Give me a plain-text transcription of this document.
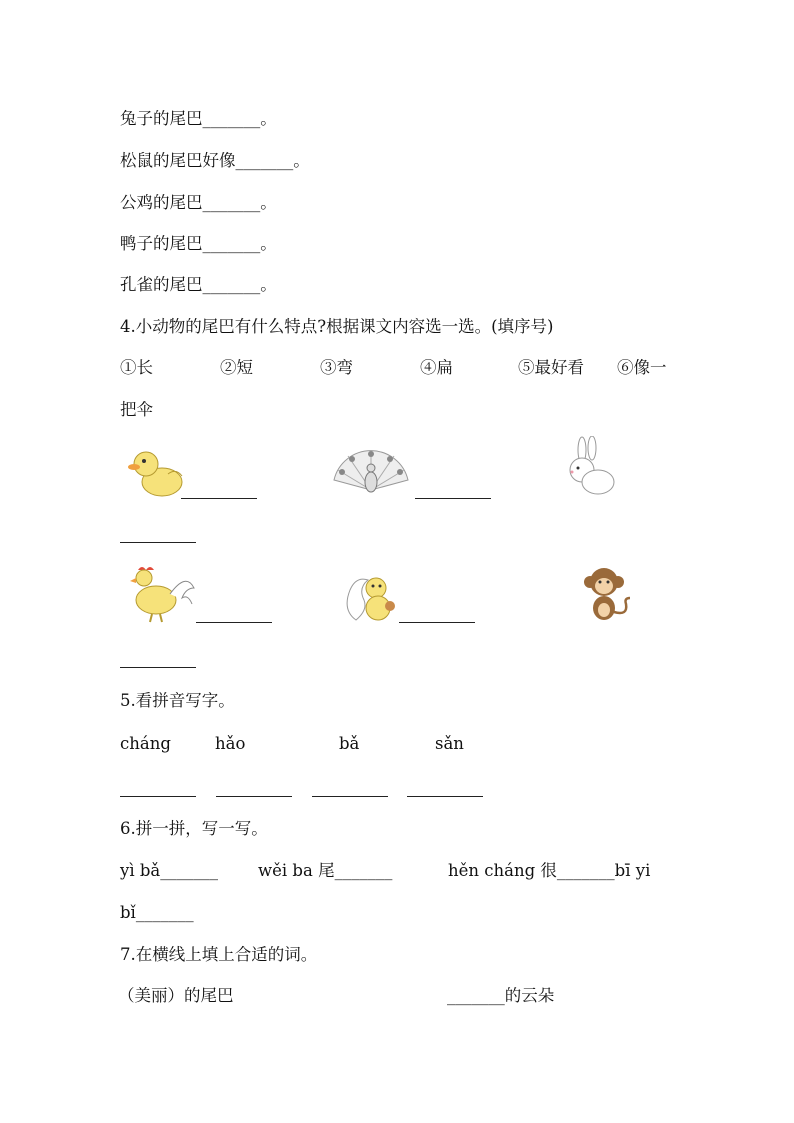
兔子的尾巴_______。
松鼠的尾巴好像_______。
公鸡的尾巴_______。
鸭子的尾巴_______。
孔雀的尾巴_______。
4.小动物的尾巴有什么特点?根据课文内容选一选。(填序号)
①长	②短	③弯	④扁	⑤最好看 ⑥像一
把伞
5.看拼音写字。
cháng	hǎo	bǎ	sǎn
6.拼一拼，写一写。
yì bǎ_______ wěi ba 尾_______	hěn cháng 很_______bī yi
bǐ_______
7.在横线上填上合适的词。
（美丽）的尾巴	_______的云朵
